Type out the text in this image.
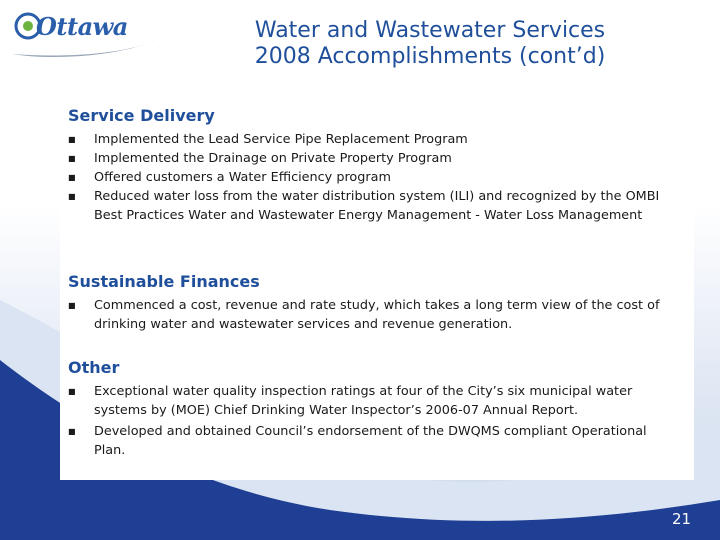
Ottawa	Water and Wastewater Services
2008 Accomplishments (cont’d)
Service Delivery
■ Implemented the Lead Service Pipe Replacement Program
■ Implemented the Drainage on Private Property Program
■ Offered customers a Water Efficiency program
■ Reduced water loss from the water distribution system (ILI) and recognized by the OMBI Best Practices Water and Wastewater Energy Management - Water Loss Management
Sustainable Finances
■ Commenced a cost, revenue and rate study, which takes a long term view of the cost of drinking water and wastewater services and revenue generation.
Other
■ Exceptional water quality inspection ratings at four of the City’s six municipal water systems by (MOE) Chief Drinking Water Inspector’s 2006-07 Annual Report.
■ Developed and obtained Council’s endorsement of the DWQMS compliant Operational Plan.
21
